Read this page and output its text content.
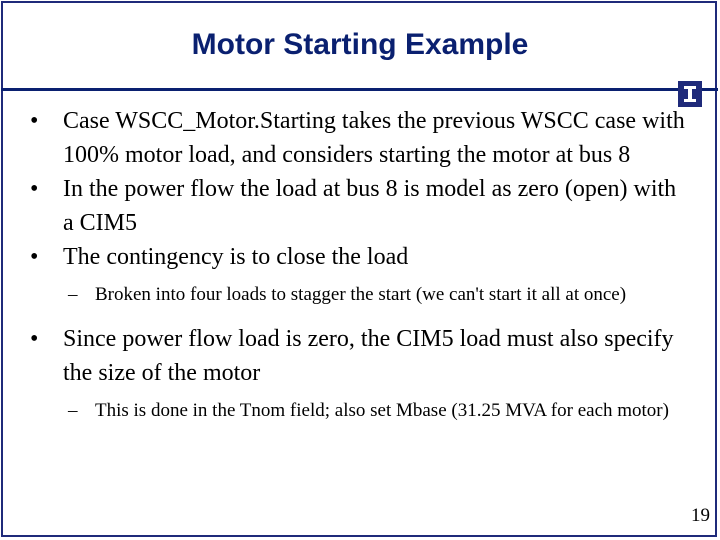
Motor Starting Example
• Case WSCC_Motor.Starting takes the previous WSCC case with 100% motor load, and considers starting the motor at bus 8
• In the power flow the load at bus 8 is model as zero (open) with a CIM5
• The contingency is to close the load
– Broken into four loads to stagger the start (we can't start it all at once)
• Since power flow load is zero, the CIM5 load must also specify the size of the motor
– This is done in the Tnom field; also set Mbase (31.25 MVA for each motor)
19
